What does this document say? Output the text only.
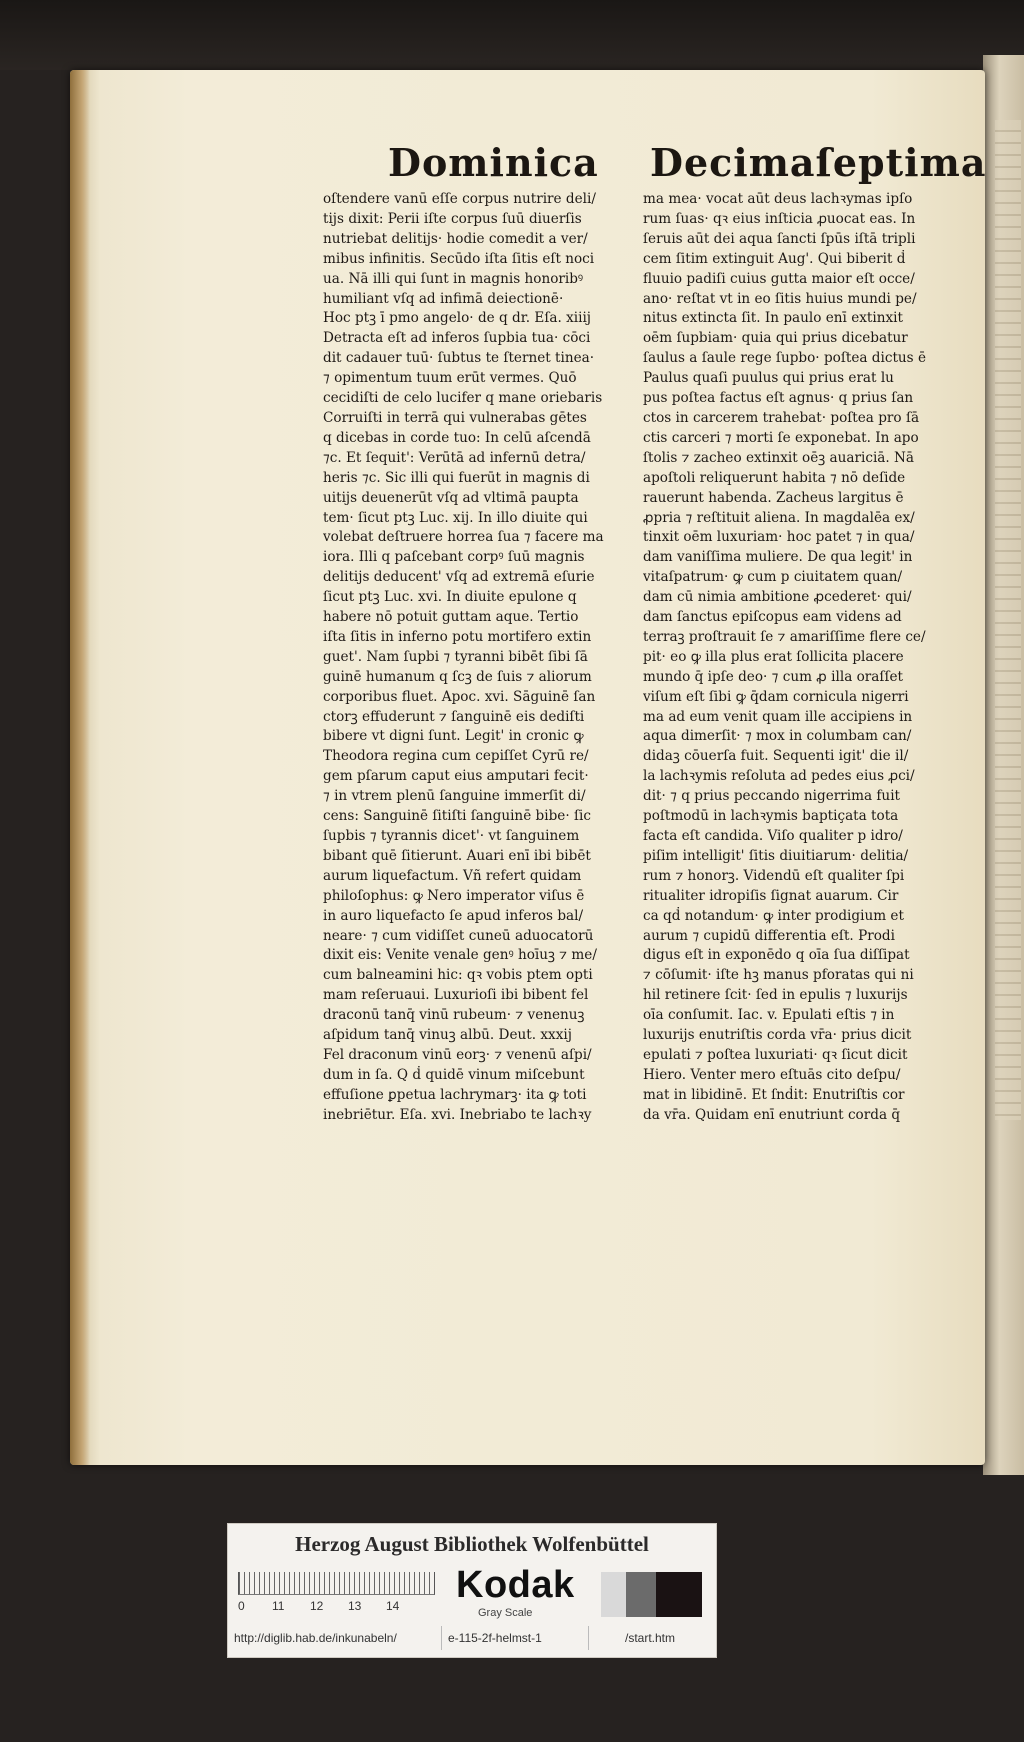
Dominica Decimaſeptima
oſtendere vanū eſſe corpus nutrire deli/
tijs dixit: Perii iſte corpus ſuū diuerſis
nutriebat delitijs· hodie comedit a ver/
mibus infinitis. Secūdo iſta ſitis eſt noci
ua. Nā illi qui ſunt in magnis honoribꝰ
humiliant vſq ad infimā deiectionē·
Hoc ptꝫ ī pmo angelo· de q dr. Eſa. xiiij
Detracta eſt ad inferos ſupbia tua· cōci
dit cadauer tuū· ſubtus te ſternet tinea·
⁊ opimentum tuum erūt vermes. Quō
cecidiſti de celo lucifer q mane oriebaris
Corruiſti in terrā qui vulnerabas gētes
q dicebas in corde tuo: In celū aſcendā
⁊c. Et ſequit': Verūtā ad infernū detra/
heris ⁊c. Sic illi qui fuerūt in magnis di
uitijs deuenerūt vſq ad vltimā paupta
tem· ſicut ptꝫ Luc. xij. In illo diuite qui
volebat deſtruere horrea ſua ⁊ facere ma
iora. Illi q paſcebant corpꝰ ſuū magnis
delitijs deducent' vſq ad extremā eſurie
ſicut ptꝫ Luc. xvi. In diuite epulone q
habere nō potuit guttam aque. Tertio
iſta ſitis in inferno potu mortifero extin
guet'. Nam ſupbi ⁊ tyranni bibēt ſibi ſā
guinē humanum q ſcꝫ de ſuis ⁊ aliorum
corporibus fluet. Apoc. xvi. Sāguinē ſan
ctorꝫ effuderunt ⁊ ſanguinē eis dediſti
bibere vt digni ſunt. Legit' in cronic ꝙ
Theodora regina cum cepiſſet Cyrū re/
gem pſarum caput eius amputari fecit·
⁊ in vtrem plenū ſanguine immerſit di/
cens: Sanguinē ſitiſti ſanguinē bibe· ſic
ſupbis ⁊ tyrannis dicet'· vt ſanguinem
bibant quē ſitierunt. Auari enī ibi bibēt
aurum liquefactum. Vñ refert quidam
philoſophus: ꝙ Nero imperator viſus ē
in auro liquefacto ſe apud inferos bal/
neare· ⁊ cum vidiſſet cuneū aduocatorū
dixit eis: Venite venale genꝰ hoīuꝫ ⁊ me/
cum balneamini hic: qꝛ vobis ptem opti
mam reſeruaui. Luxurioſi ibi bibent fel
draconū tanq̄ vinū rubeum· ⁊ venenuꝫ
aſpidum tanq̄ vinuꝫ albū. Deut. xxxij
Fel draconum vinū eorꝫ· ⁊ venenū aſpi/
dum in ſa. Q ḋ quidē vinum miſcebunt
effuſione ꝑpetua lachrymarꝫ· ita ꝙ toti
inebriētur. Eſa. xvi. Inebriabo te lachꝛy
ma mea· vocat aūt deus lachꝛymas ipſo
rum ſuas· qꝛ eius inſticia ꝓuocat eas. In
ſeruis aūt dei aqua ſancti ſpūs iſtā tripli
cem ſitim extinguit Aug'. Qui biberit ḋ
fluuio padiſi cuius gutta maior eſt occe/
ano· reſtat vt in eo ſitis huius mundi pe/
nitus extincta ſit. In paulo enī extinxit
oēm ſupbiam· quia qui prius dicebatur
ſaulus a ſaule rege ſupbo· poſtea dictus ē
Paulus quaſi puulus qui prius erat lu
pus poſtea factus eſt agnus· q prius ſan
ctos in carcerem trahebat· poſtea pro ſā
ctis carceri ⁊ morti ſe exponebat. In apo
ſtolis ⁊ zacheo extinxit oēꝫ auariciā. Nā
apoſtoli reliquerunt habita ⁊ nō deſide
rauerunt habenda. Zacheus largitus ē
ꝓpria ⁊ reſtituit aliena. In magdalēa ex/
tinxit oēm luxuriam· hoc patet ⁊ in qua/
dam vaniſſima muliere. De qua legit' in
vitaſpatrum· ꝙ cum p ciuitatem quan/
dam cū nimia ambitione ꝓcederet· qui/
dam ſanctus epiſcopus eam videns ad
terraꝫ proſtrauit ſe ⁊ amariſſime flere ce/
pit· eo ꝙ illa plus erat ſollicita placere
mundo q̄ ipſe deo· ⁊ cum ꝓ illa oraſſet
viſum eſt ſibi ꝙ q̄dam cornicula nigerri
ma ad eum venit quam ille accipiens in
aqua dimerſit· ⁊ mox in columbam can/
didaꝫ cōuerſa fuit. Sequenti igit' die il/
la lachꝛymis reſoluta ad pedes eius ꝓci/
dit· ⁊ q prius peccando nigerrima fuit
poſtmodū in lachꝛymis baptiçata tota
facta eſt candida. Viſo qualiter p idro/
piſim intelligit' ſitis diuitiarum· delitia/
rum ⁊ honorꝫ. Videndū eſt qualiter ſpi
ritualiter idropiſis ſignat auarum. Cir
ca qḋ notandum· ꝙ inter prodigium et
aurum ⁊ cupidū differentia eſt. Prodi
digus eſt in exponēdo q oīa ſua diſſipat
⁊ cōſumit· iſte hꝫ manus pforatas qui ni
hil retinere ſcit· ſed in epulis ⁊ luxurijs
oīa conſumit. Iac. v. Epulati eſtis ⁊ in
luxurijs enutriſtis corda vr̄a· prius dicit
epulati ⁊ poſtea luxuriati· qꝛ ſicut dicit
Hiero. Venter mero eſtuās cito deſpu/
mat in libidinē. Et ſnḋit: Enutriſtis cor
da vr̄a. Quidam enī enutriunt corda q̄
Herzog August Bibliothek Wolfenbüttel
0 11 12 13 14 Kodak
Gray Scale
http://diglib.hab.de/inkunabeln/	e-115-2f-helmst-1	/start.htm
